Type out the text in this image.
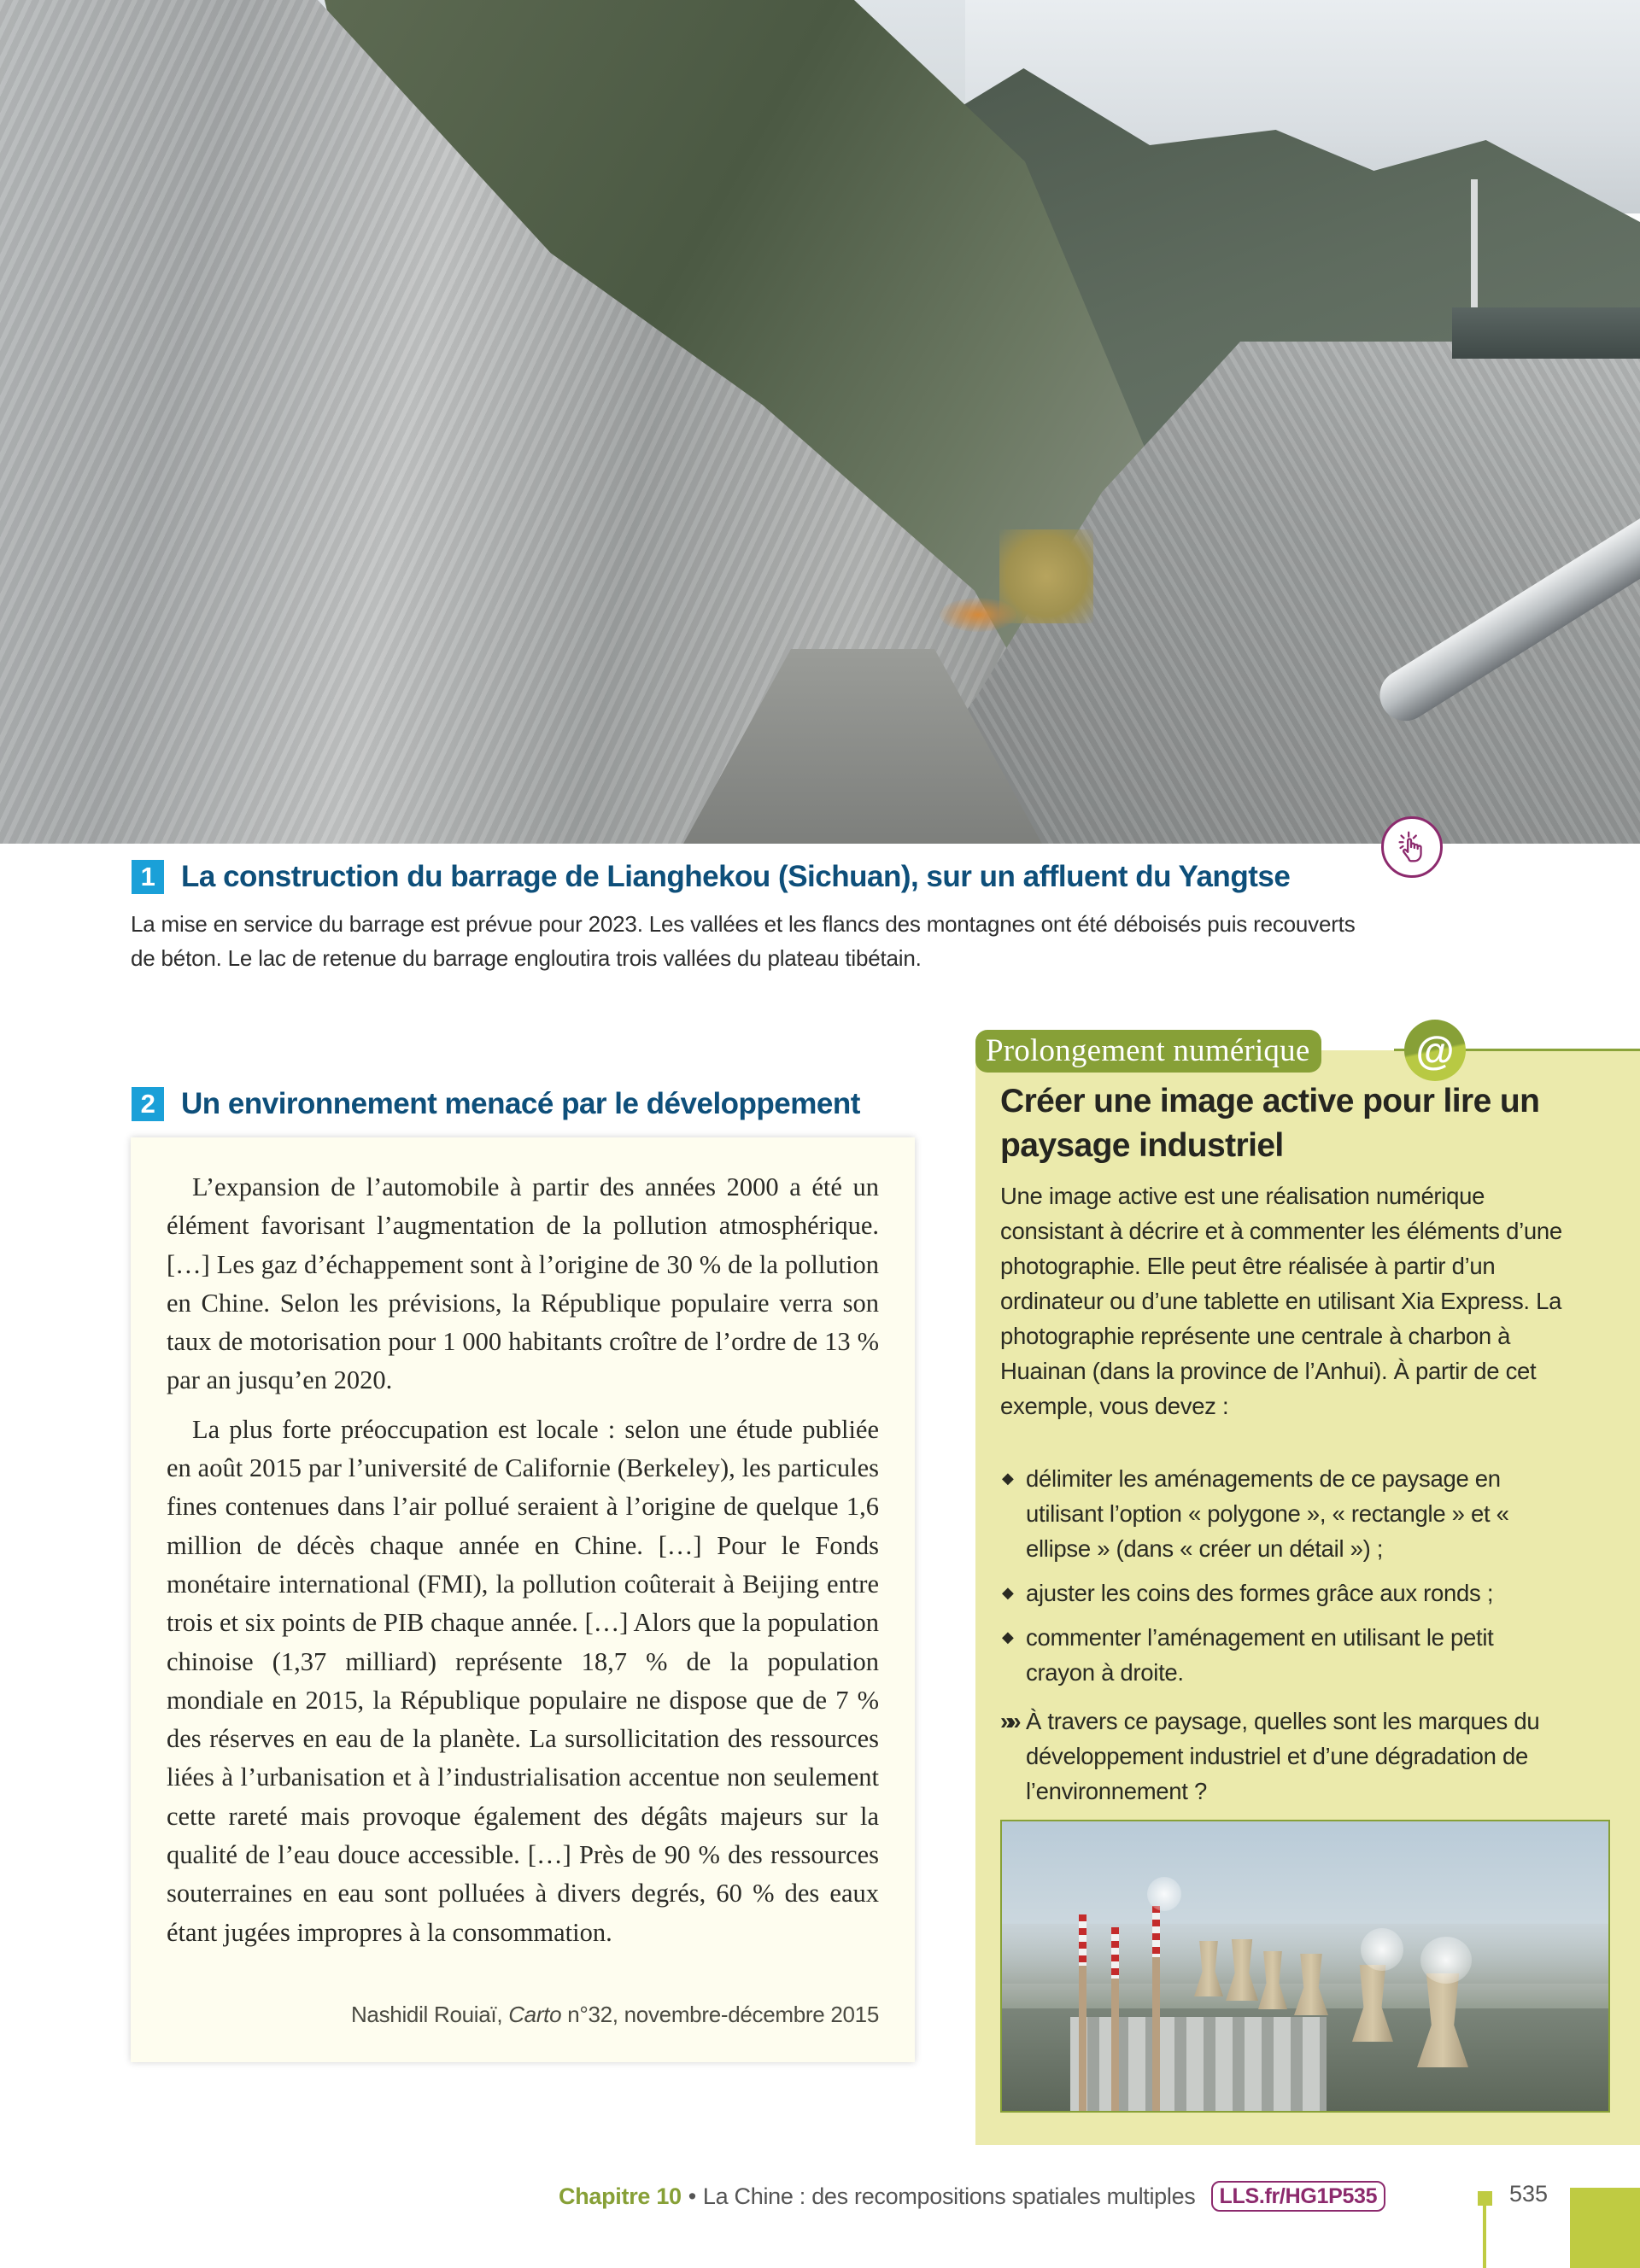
1 La construction du barrage de Lianghekou (Sichuan), sur un affluent du Yangtse

La mise en service du barrage est prévue pour 2023. Les vallées et les flancs des montagnes ont été déboisés puis recouverts de béton. Le lac de retenue du barrage engloutira trois vallées du plateau tibétain.

2 Un environnement menacé par le développement

L’expansion de l’automobile à partir des années 2000 a été un élément favorisant l’augmentation de la pollution atmosphérique. […] Les gaz d’échappement sont à l’origine de 30 % de la pollution en Chine. Selon les prévisions, la République populaire verra son taux de motorisation pour 1 000 habitants croître de l’ordre de 13 % par an jusqu’en 2020.

La plus forte préoccupation est locale : selon une étude publiée en août 2015 par l’université de Californie (Berkeley), les particules fines contenues dans l’air pollué seraient à l’origine de quelque 1,6 million de décès chaque année en Chine. […] Pour le Fonds monétaire international (FMI), la pollution coûterait à Beijing entre trois et six points de PIB chaque année. […] Alors que la population chinoise (1,37 milliard) représente 18,7 % de la population mondiale en 2015, la République populaire ne dispose que de 7 % des réserves en eau de la planète. La sursollicitation des ressources liées à l’urbanisation et à l’industrialisation accentue non seulement cette rareté mais provoque également des dégâts majeurs sur la qualité de l’eau douce accessible. […] Près de 90 % des ressources souterraines en eau sont polluées à divers degrés, 60 % des eaux étant jugées impropres à la consommation.

Nashidil Rouiaï, Carto n°32, novembre-décembre 2015
Prolongement numérique	@
Créer une image active pour lire un paysage industriel

Une image active est une réalisation numérique consistant à décrire et à commenter les éléments d’une photographie. Elle peut être réalisée à partir d’un ordinateur ou d’une tablette en utilisant Xia Express. La photographie représente une centrale à charbon à Huainan (dans la province de l’Anhui). À partir de cet exemple, vous devez :

◆ délimiter les aménagements de ce paysage en utilisant l’option « polygone », « rectangle » et « ellipse » (dans « créer un détail ») ;
◆ ajuster les coins des formes grâce aux ronds ;
◆ commenter l’aménagement en utilisant le petit crayon à droite.

»» À travers ce paysage, quelles sont les marques du développement industriel et d’une dégradation de l’environnement ?

Chapitre 10 • La Chine : des recompositions spatiales multiples	LLS.fr/HG1P535	535
